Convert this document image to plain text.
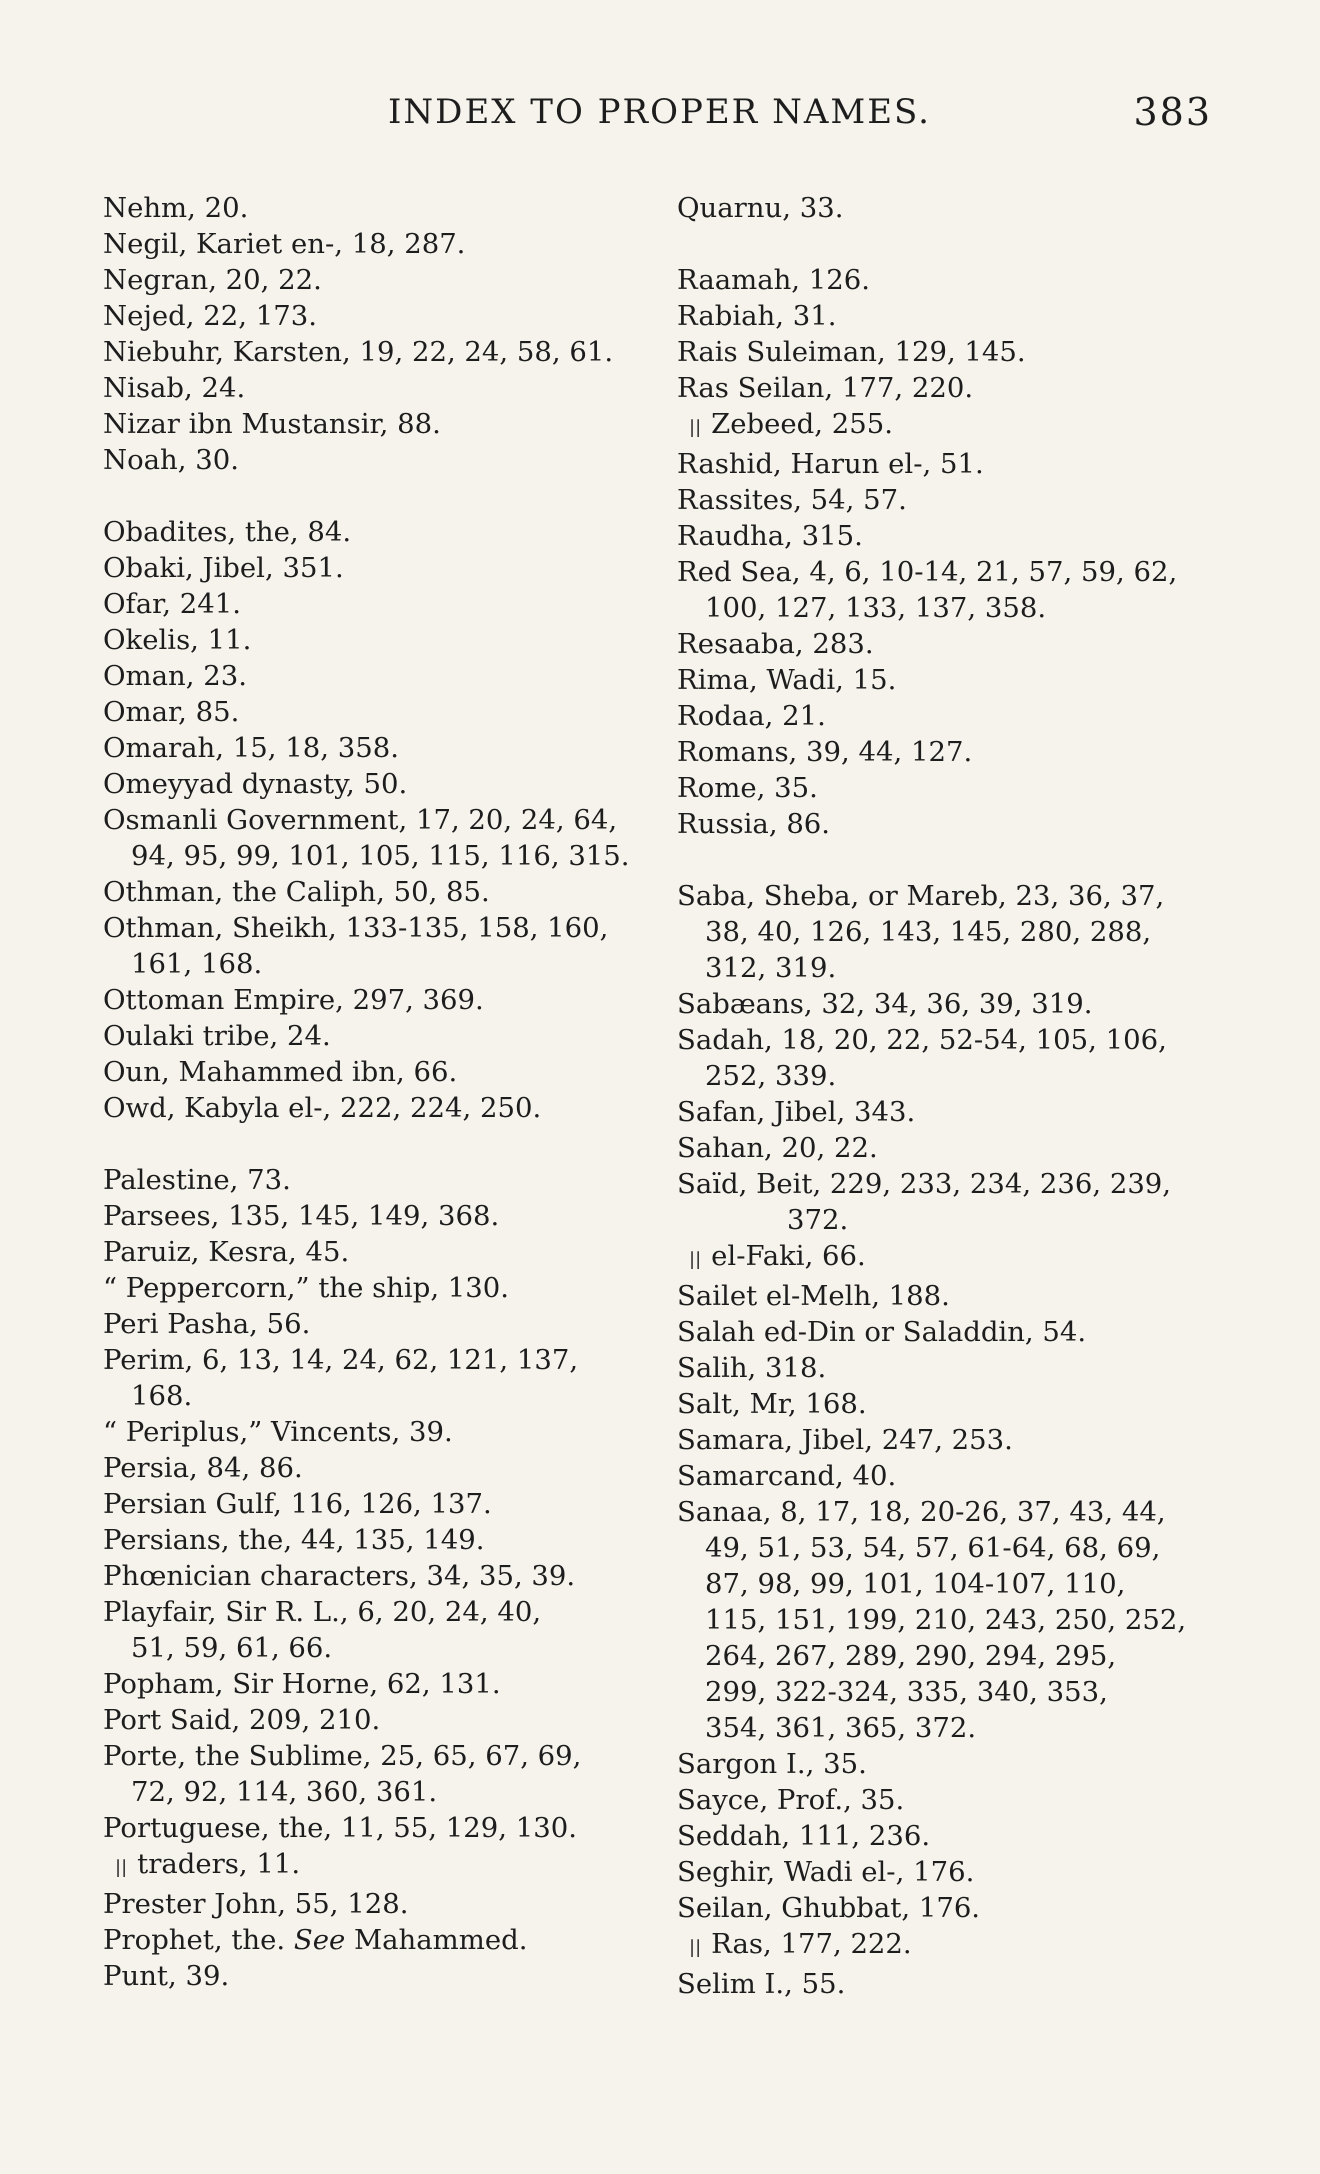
INDEX TO PROPER NAMES.	383
Nehm, 20.
Negil, Kariet en-, 18, 287.
Negran, 20, 22.
Nejed, 22, 173.
Niebuhr, Karsten, 19, 22, 24, 58, 61.
Nisab, 24.
Nizar ibn Mustansir, 88.
Noah, 30.
Obadites, the, 84.
Obaki, Jibel, 351.
Ofar, 241.
Okelis, 11.
Oman, 23.
Omar, 85.
Omarah, 15, 18, 358.
Omeyyad dynasty, 50.
Osmanli Government, 17, 20, 24, 64,
94, 95, 99, 101, 105, 115, 116, 315.
Othman, the Caliph, 50, 85.
Othman, Sheikh, 133-135, 158, 160,
161, 168.
Ottoman Empire, 297, 369.
Oulaki tribe, 24.
Oun, Mahammed ibn, 66.
Owd, Kabyla el-, 222, 224, 250.
Palestine, 73.
Parsees, 135, 145, 149, 368.
Paruiz, Kesra, 45.
“ Peppercorn,” the ship, 130.
Peri Pasha, 56.
Perim, 6, 13, 14, 24, 62, 121, 137,
168.
“ Periplus,” Vincents, 39.
Persia, 84, 86.
Persian Gulf, 116, 126, 137.
Persians, the, 44, 135, 149.
Phœnician characters, 34, 35, 39.
Playfair, Sir R. L., 6, 20, 24, 40,
51, 59, 61, 66.
Popham, Sir Horne, 62, 131.
Port Said, 209, 210.
Porte, the Sublime, 25, 65, 67, 69,
72, 92, 114, 360, 361.
Portuguese, the, 11, 55, 129, 130.
|| traders, 11.
Prester John, 55, 128.
Prophet, the. See Mahammed.
Punt, 39.
Quarnu, 33.
Raamah, 126.
Rabiah, 31.
Rais Suleiman, 129, 145.
Ras Seilan, 177, 220.
|| Zebeed, 255.
Rashid, Harun el-, 51.
Rassites, 54, 57.
Raudha, 315.
Red Sea, 4, 6, 10-14, 21, 57, 59, 62,
100, 127, 133, 137, 358.
Resaaba, 283.
Rima, Wadi, 15.
Rodaa, 21.
Romans, 39, 44, 127.
Rome, 35.
Russia, 86.
Saba, Sheba, or Mareb, 23, 36, 37,
38, 40, 126, 143, 145, 280, 288,
312, 319.
Sabæans, 32, 34, 36, 39, 319.
Sadah, 18, 20, 22, 52-54, 105, 106,
252, 339.
Safan, Jibel, 343.
Sahan, 20, 22.
Saïd, Beit, 229, 233, 234, 236, 239,
372.
|| el-Faki, 66.
Sailet el-Melh, 188.
Salah ed-Din or Saladdin, 54.
Salih, 318.
Salt, Mr, 168.
Samara, Jibel, 247, 253.
Samarcand, 40.
Sanaa, 8, 17, 18, 20-26, 37, 43, 44,
49, 51, 53, 54, 57, 61-64, 68, 69,
87, 98, 99, 101, 104-107, 110,
115, 151, 199, 210, 243, 250, 252,
264, 267, 289, 290, 294, 295,
299, 322-324, 335, 340, 353,
354, 361, 365, 372.
Sargon I., 35.
Sayce, Prof., 35.
Seddah, 111, 236.
Seghir, Wadi el-, 176.
Seilan, Ghubbat, 176.
|| Ras, 177, 222.
Selim I., 55.
